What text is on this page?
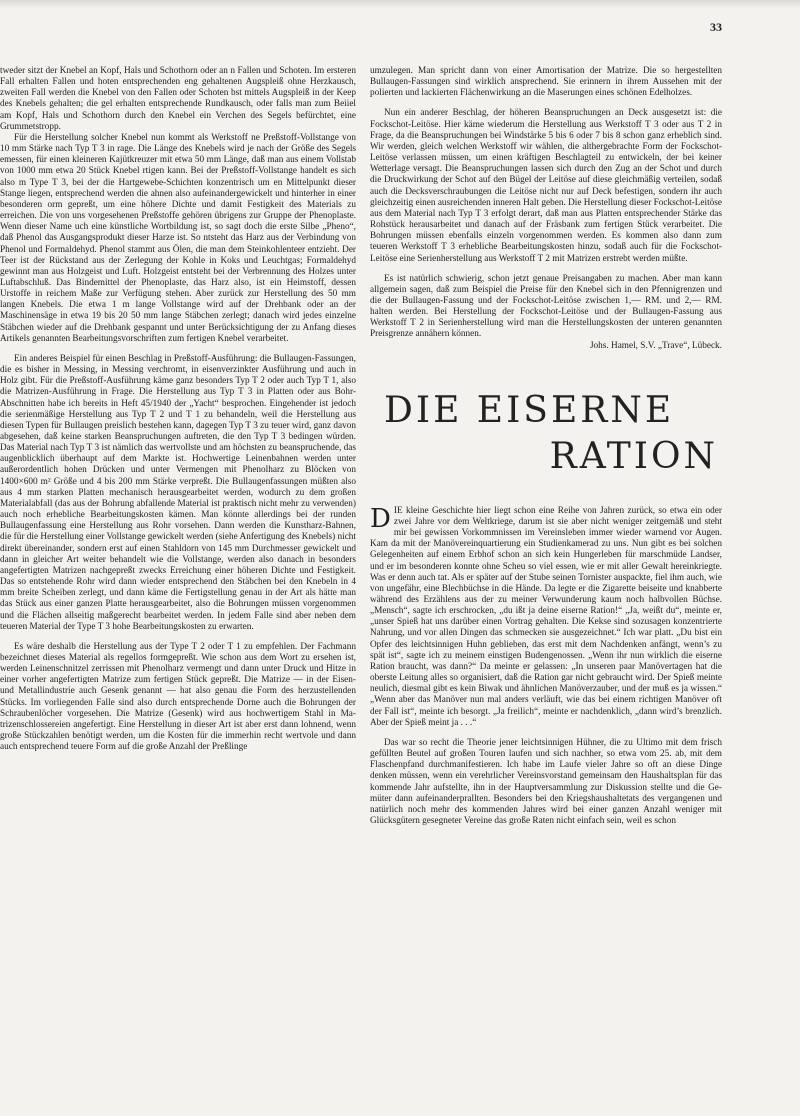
33

tweder sitzt der Knebel an Kopf, Hals und Schothorn oder an n Fallen und Schoten. Im ersteren Fall erhalten Fallen und hoten entsprechenden eng gehaltenen Augspleiß ohne Herzkausch, zweiten Fall werden die Knebel von den Fallen oder Schoten bst mittels Augspleiß in der Keep des Knebels gehalten; die gel erhalten entsprechende Rundkausch, oder falls man zum Beiiel am Kopf, Hals und Schothorn durch den Knebel ein Verchen des Segels befürchtet, eine Grummetstropp.

Für die Herstellung solcher Knebel nun kommt als Werkstoff ne Preßstoff-Vollstange von 10 mm Stärke nach Typ T 3 in rage. Die Länge des Knebels wird je nach der Größe des Segels emessen, für einen kleineren Kajütkreuzer mit etwa 50 mm Länge, daß man aus einem Vollstab von 1000 mm etwa 20 Stück Knebel rtigen kann. Bei der Preßstoff-Vollstange handelt es sich also m Type T 3, bei der die Hartgewebe-Schichten konzentrisch um en Mittelpunkt dieser Stange liegen, entsprechend werden die ahnen also aufeinandergewickelt und hinterher in einer besonderen orm gepreßt, um eine höhere Dichte und damit Festigkeit des Materials zu erreichen. Die von uns vorgesehenen Preßstoffe gehören übrigens zur Gruppe der Phenoplaste. Wenn dieser Name uch eine künstliche Wortbildung ist, so sagt doch die erste Silbe „Pheno“, daß Phenol das Ausgangsprodukt dieser Harze ist. So ntsteht das Harz aus der Verbindung von Phenol und Formaldehyd. Phenol stammt aus Ölen, die man dem Steinkohlenteer entzieht. Der Teer ist der Rückstand aus der Zerlegung der Kohle in Koks und Leuchtgas; Formaldehyd gewinnt man aus Holzgeist und Luft. Holzgeist entsteht bei der Verbrennung des Holzes unter Luftabschluß. Das Bindemittel der Phenoplaste, das Harz also, ist ein Heimstoff, dessen Urstoffe in reichem Maße zur Verfügung stehen. Aber zurück zur Herstellung des 50 mm langen Knebels. Die etwa 1 m lange Vollstange wird auf der Drehbank oder an der Maschinensäge in etwa 19 bis 20 50 mm lange Stäbchen zerlegt; danach wird jedes einzelne Stäbchen wieder auf die Drehbank gespannt und unter Berücksichtigung der zu Anfang dieses Artikels genannten Bearbeitungsvorschriften zum fertigen Knebel verarbeitet.

Ein anderes Beispiel für einen Beschlag in Preßstoff-Ausführung: die Bullaugen-Fassungen, die es bisher in Messing, in Messing verchromt, in eisenverzinkter Ausführung und auch in Holz gibt. Für die Preßstoff-Ausführung käme ganz besonders Typ T 2 oder auch Typ T 1, also die Matrizen-Ausführung in Frage. Die Herstellung aus Typ T 3 in Platten oder aus Bohr-Abschnitten habe ich bereits in Heft 45/1940 der „Yacht“ besprochen. Eingehender ist jedoch die serienmäßige Herstellung aus Typ T 2 und T 1 zu behandeln, weil die Herstellung aus diesen Typen für Bullaugen preislich bestehen kann, dagegen Typ T 3 zu teuer wird, ganz davon abgesehen, daß keine starken Beanspruchungen auftreten, die den Typ T 3 bedingen würden. Das Material nach Typ T 3 ist nämlich das wertvollste und am höchsten zu beanspruchende, das augenblicklich überhaupt auf dem Markte ist. Hochwertige Leinenbahnen werden unter außerordentlich hohen Drücken und unter Vermengen mit Phenolharz zu Blöcken von 1400×600 m² Größe und 4 bis 200 mm Stärke verpreßt. Die Bullaugenfassungen müßten also aus 4 mm starken Platten mechanisch herausgearbeitet werden, wodurch zu dem großen Materialabfall (das aus der Bohrung abfallende Material ist praktisch nicht mehr zu verwenden) auch noch erhebliche Bearbeitungskosten kämen. Man könnte allerdings bei der runden Bullaugenfassung eine Herstellung aus Rohr vorsehen. Dann werden die Kunstharz-Bahnen, die für die Herstellung einer Vollstange gewickelt werden (siehe Anfertigung des Knebels) nicht direkt übereinander, sondern erst auf einen Stahldorn von 145 mm Durchmesser gewickelt und dann in gleicher Art weiter behandelt wie die Vollstange, werden also danach in besonders angefertigten Matrizen nachgepreßt zwecks Erreichung einer höheren Dichte und Festigkeit. Das so entstehende Rohr wird dann wieder entsprechend den Stäbchen bei den Knebeln in 4 mm breite Scheiben zerlegt, und dann käme die Fertigstellung genau in der Art als hätte man das Stück aus einer ganzen Platte herausgearbeitet, also die Bohrungen müssen vorgenommen und die Flächen allseitig maßgerecht bearbeitet werden. In jedem Falle sind aber neben dem teueren Material der Type T 3 hohe Bearbeitungskosten zu erwarten.

Es wäre deshalb die Herstellung aus der Type T 2 oder T 1 zu empfehlen. Der Fachmann bezeichnet dieses Material als regellos formgepreßt. Wie schon aus dem Wort zu ersehen ist, werden Leinenschnitzel zerrissen mit Phenolharz vermengt und dann unter Druck und Hitze in einer vorher angefertigten Matrize zum fertigen Stück gepreßt. Die Matrize — in der Eisen- und Metallindustrie auch Gesenk genannt — hat also genau die Form des herzustellenden Stücks. Im vorliegenden Falle sind also durch entsprechende Dorne auch die Bohrungen der Schraubenlöcher vorgesehen. Die Matrize (Gesenk) wird aus hochwertigem Stahl in Matrizenschlossereien angefertigt. Eine Herstellung in dieser Art ist aber erst dann lohnend, wenn große Stückzahlen benötigt werden, um die Kosten für die immerhin recht wertvole und dann auch entsprechend teuere Form auf die große Anzahl der Preßlinge

umzulegen. Man spricht dann von einer Amortisation der Matrize. Die so hergestellten Bullaugen-Fassungen sind wirklich ansprechend. Sie erinnern in ihrem Aussehen mit der polierten und lackierten Flächenwirkung an die Maserungen eines schönen Edelholzes.

Nun ein anderer Beschlag, der höheren Beanspruchungen an Deck ausgesetzt ist: die Fockschot-Leitöse. Hier käme wiederum die Herstellung aus Werkstoff T 3 oder aus T 2 in Frage, da die Beanspruchungen bei Windstärke 5 bis 6 oder 7 bis 8 schon ganz erheblich sind. Wir werden, gleich welchen Werkstoff wir wählen, die althergebrachte Form der Fockschot-Leitöse verlassen müssen, um einen kräftigen Beschlagteil zu entwickeln, der bei keiner Wetterlage versagt. Die Beanspruchungen lassen sich durch den Zug an der Schot und durch die Druckwirkung der Schot auf den Bügel der Leitöse auf diese gleichmäßig verteilen, sodaß auch die Decksverschraubungen die Leitöse nicht nur auf Deck befestigen, sondern ihr auch gleichzeitig einen ausreichenden inneren Halt geben. Die Herstellung dieser Fockschot-Leitöse aus dem Material nach Typ T 3 erfolgt derart, daß man aus Platten entsprechender Stärke das Rohstück herausarbeitet und danach auf der Fräsbank zum fertigen Stück verarbeitet. Die Bohrungen müssen ebenfalls einzeln vorgenommen werden. Es kommen also dann zum teueren Werkstoff T 3 erhebliche Bearbeitungskosten hinzu, sodaß auch für die Fockschot-Leitöse eine Serienherstellung aus Werkstoff T 2 mit Matrizen erstrebt werden müßte.

Es ist natürlich schwierig, schon jetzt genaue Preisangaben zu machen. Aber man kann allgemein sagen, daß zum Beispiel die Preise für den Knebel sich in den Pfennigrenzen und die der Bullaugen-Fassung und der Fockschot-Leitöse zwischen 1,— RM. und 2,— RM. halten werden. Bei Herstellung der Fockschot-Leitöse und der Bullaugen-Fassung aus Werkstoff T 2 in Serienherstellung wird man die Herstellungskosten der unteren genannten Preisgrenze annähern können.

Johs. Hamel, S.V. „Trave“, Lübeck.
DIE EISERNE
RATION

DIE kleine Geschichte hier liegt schon eine Reihe von Jahren zurück, so etwa ein oder zwei Jahre vor dem Weltkriege, darum ist sie aber nicht weniger zeitgemäß und steht mir bei gewissen Vorkommnissen im Vereinsleben immer wieder warnend vor Augen. Kam da mit der Manövereinquartierung ein Studienkamerad zu uns. Nun gibt es bei solchen Gelegenheiten auf einem Erbhof schon an sich kein Hungerleben für marschmüde Landser, und er im besonderen konnte ohne Scheu so viel essen, wie er mit aller Gewalt hereinkriegte. Was er denn auch tat. Als er später auf der Stube seinen Tornister auspackte, fiel ihm auch, wie von ungefähr, eine Blechbüchse in die Hände. Da legte er die Zigarette beiseite und knabberte während des Erzählens aus der zu meiner Verwunderung kaum noch halbvollen Büchse. „Mensch“, sagte ich erschrocken, „du ißt ja deine eiserne Ration!“ „Ja, weißt du“, meinte er, „unser Spieß hat uns darüber einen Vortrag gehalten. Die Kekse sind sozusagen konzentrierte Nahrung, und vor allen Dingen das schmecken sie ausgezeichnet.“ Ich war platt. „Du bist ein Opfer des leichtsinnigen Huhn geblieben, das erst mit dem Nachdenken anfängt, wenn’s zu spät ist“, sagte ich zu meinem einstigen Budengenossen. „Wenn ihr nun wirklich die eiserne Ration braucht, was dann?“ Da meinte er gelassen: „In unseren paar Manövertagen hat die oberste Leitung alles so organisiert, daß die Ration gar nicht gebraucht wird. Der Spieß meinte neulich, diesmal gibt es kein Biwak und ähnlichen Manöverzauber, und der muß es ja wissen.“ „Wenn aber das Manöver nun mal anders verläuft, wie das bei einem richtigen Manöver oft der Fall ist“, meinte ich besorgt. „Ja freilich“, meinte er nachdenklich, „dann wird’s brenzlich. Aber der Spieß meint ja . . .“

Das war so recht die Theorie jener leichtsinnigen Hühner, die zu Ultimo mit dem frisch gefüllten Beutel auf großen Touren laufen und sich nachher, so etwa vom 25. ab, mit dem Flaschenpfand durchmanifestieren. Ich habe im Laufe vieler Jahre so oft an diese Dinge denken müssen, wenn ein verehrlicher Vereinsvorstand gemeinsam den Haushaltsplan für das kommende Jahr aufstellte, ihn in der Hauptversammlung zur Diskussion stellte und die Gemüter dann aufeinanderprallten. Besonders bei den Kriegshaushaltetats des vergangenen und natürlich noch mehr des kommenden Jahres wird bei einer ganzen Anzahl weniger mit Glücksgütern gesegneter Vereine das große Raten nicht einfach sein, weil es schon
